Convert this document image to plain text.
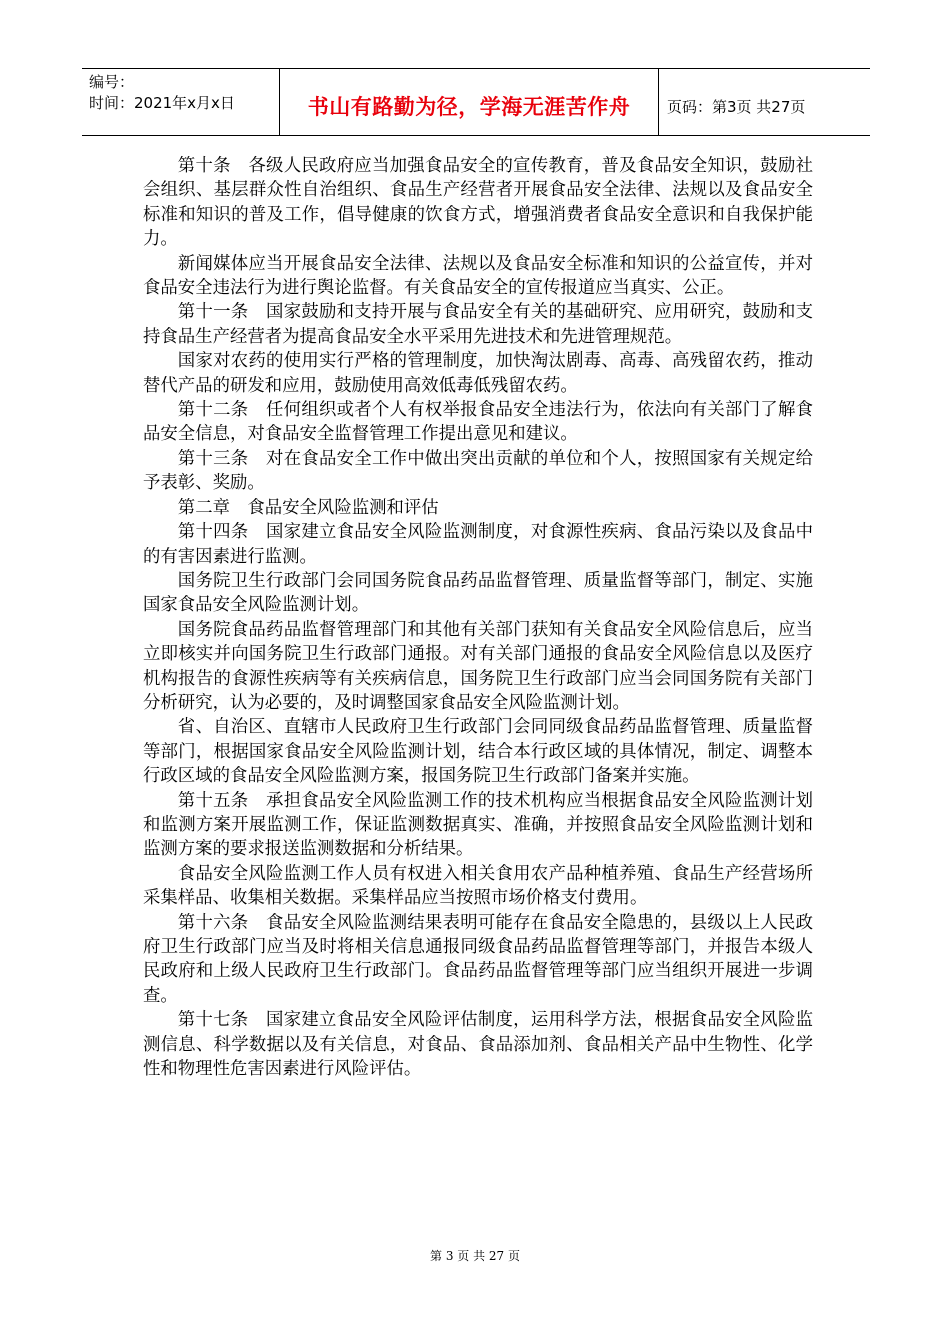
编号：
时间：2021年x月x日	书山有路勤为径，学海无涯苦作舟	页码：第3页 共27页

第十条　各级人民政府应当加强食品安全的宣传教育，普及食品安全知识，鼓励社会组织、基层群众性自治组织、食品生产经营者开展食品安全法律、法规以及食品安全标准和知识的普及工作，倡导健康的饮食方式，增强消费者食品安全意识和自我保护能力。

新闻媒体应当开展食品安全法律、法规以及食品安全标准和知识的公益宣传，并对食品安全违法行为进行舆论监督。有关食品安全的宣传报道应当真实、公正。

第十一条　国家鼓励和支持开展与食品安全有关的基础研究、应用研究，鼓励和支持食品生产经营者为提高食品安全水平采用先进技术和先进管理规范。

国家对农药的使用实行严格的管理制度，加快淘汰剧毒、高毒、高残留农药，推动替代产品的研发和应用，鼓励使用高效低毒低残留农药。

第十二条　任何组织或者个人有权举报食品安全违法行为，依法向有关部门了解食品安全信息，对食品安全监督管理工作提出意见和建议。

第十三条　对在食品安全工作中做出突出贡献的单位和个人，按照国家有关规定给予表彰、奖励。

第二章　食品安全风险监测和评估

第十四条　国家建立食品安全风险监测制度，对食源性疾病、食品污染以及食品中的有害因素进行监测。

国务院卫生行政部门会同国务院食品药品监督管理、质量监督等部门，制定、实施国家食品安全风险监测计划。

国务院食品药品监督管理部门和其他有关部门获知有关食品安全风险信息后，应当立即核实并向国务院卫生行政部门通报。对有关部门通报的食品安全风险信息以及医疗机构报告的食源性疾病等有关疾病信息，国务院卫生行政部门应当会同国务院有关部门分析研究，认为必要的，及时调整国家食品安全风险监测计划。

省、自治区、直辖市人民政府卫生行政部门会同同级食品药品监督管理、质量监督等部门，根据国家食品安全风险监测计划，结合本行政区域的具体情况，制定、调整本行政区域的食品安全风险监测方案，报国务院卫生行政部门备案并实施。

第十五条　承担食品安全风险监测工作的技术机构应当根据食品安全风险监测计划和监测方案开展监测工作，保证监测数据真实、准确，并按照食品安全风险监测计划和监测方案的要求报送监测数据和分析结果。

食品安全风险监测工作人员有权进入相关食用农产品种植养殖、食品生产经营场所采集样品、收集相关数据。采集样品应当按照市场价格支付费用。

第十六条　食品安全风险监测结果表明可能存在食品安全隐患的，县级以上人民政府卫生行政部门应当及时将相关信息通报同级食品药品监督管理等部门，并报告本级人民政府和上级人民政府卫生行政部门。食品药品监督管理等部门应当组织开展进一步调查。

第十七条　国家建立食品安全风险评估制度，运用科学方法，根据食品安全风险监测信息、科学数据以及有关信息，对食品、食品添加剂、食品相关产品中生物性、化学性和物理性危害因素进行风险评估。

第 3 页 共 27 页
